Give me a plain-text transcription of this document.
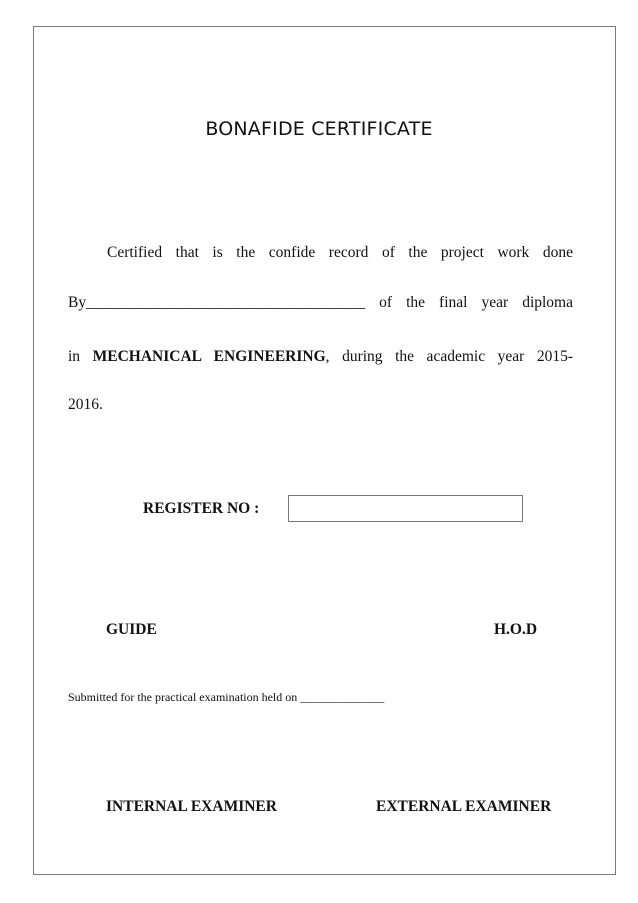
BONAFIDE CERTIFICATE
Certified that is the confide record of the project work done
By____________________________________ of the final year diploma
in MECHANICAL ENGINEERING, during the academic year 2015-
2016.
REGISTER NO :
GUIDE	H.O.D
Submitted for the practical examination held on ______________
INTERNAL EXAMINER	EXTERNAL EXAMINER
